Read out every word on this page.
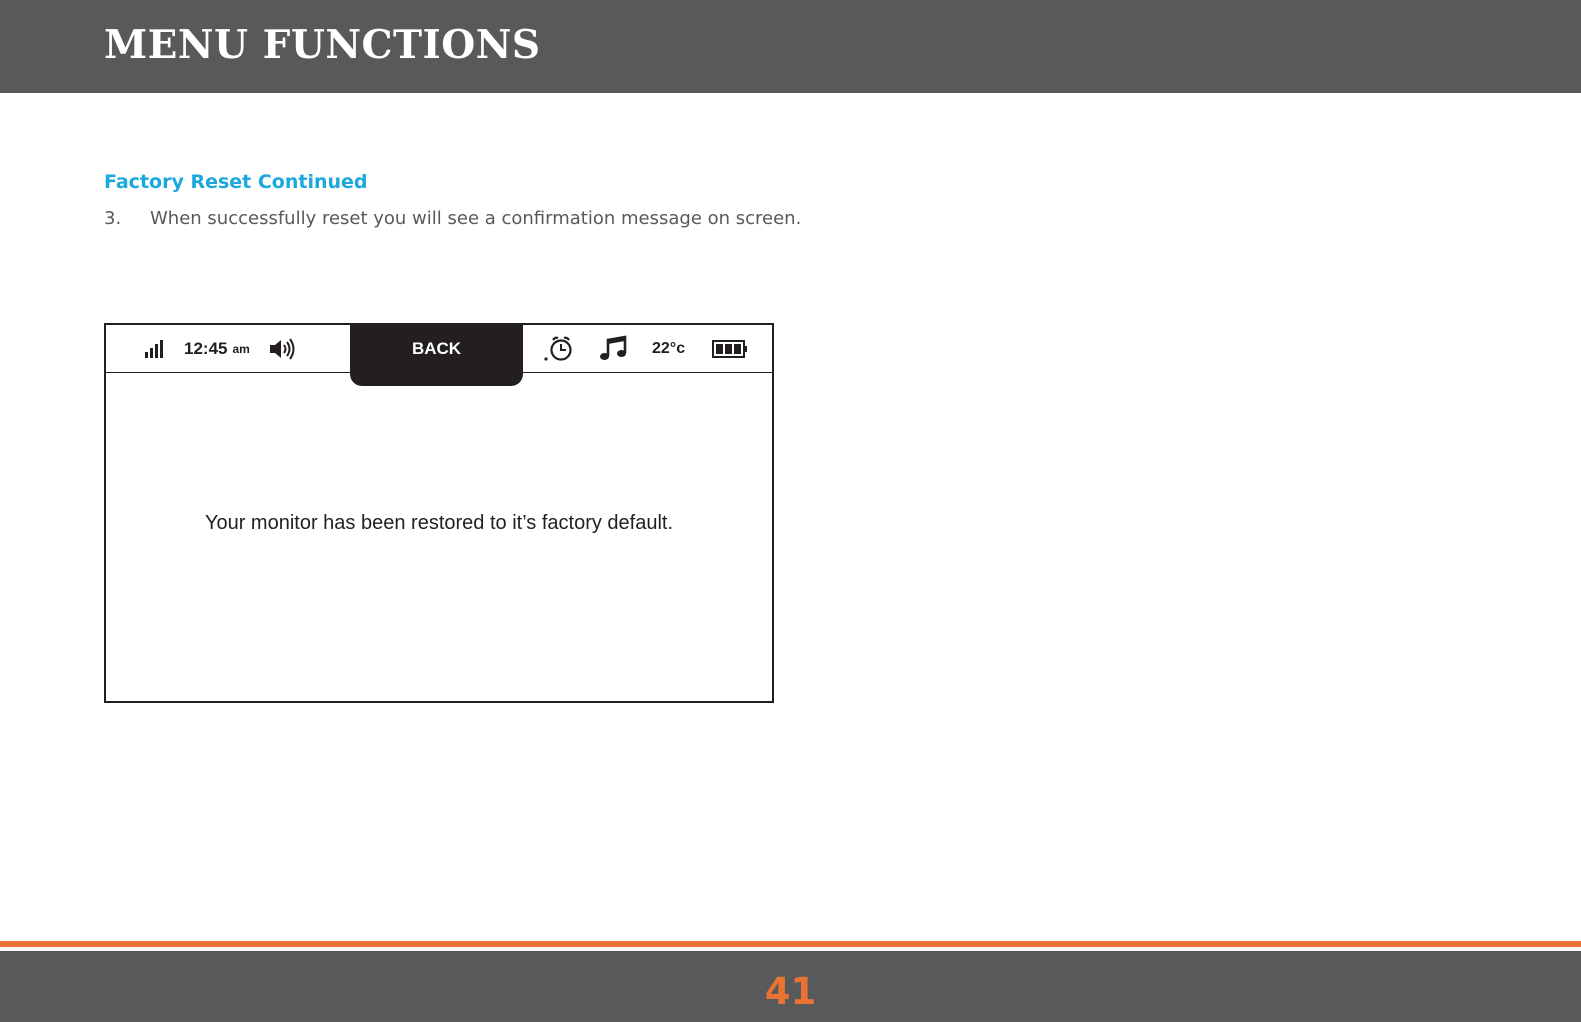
MENU FUNCTIONS
Factory Reset Continued

3. When successfully reset you will see a confirmation message on screen.

12:45 am	BACK	22°c

Your monitor has been restored to it’s factory default.

41
